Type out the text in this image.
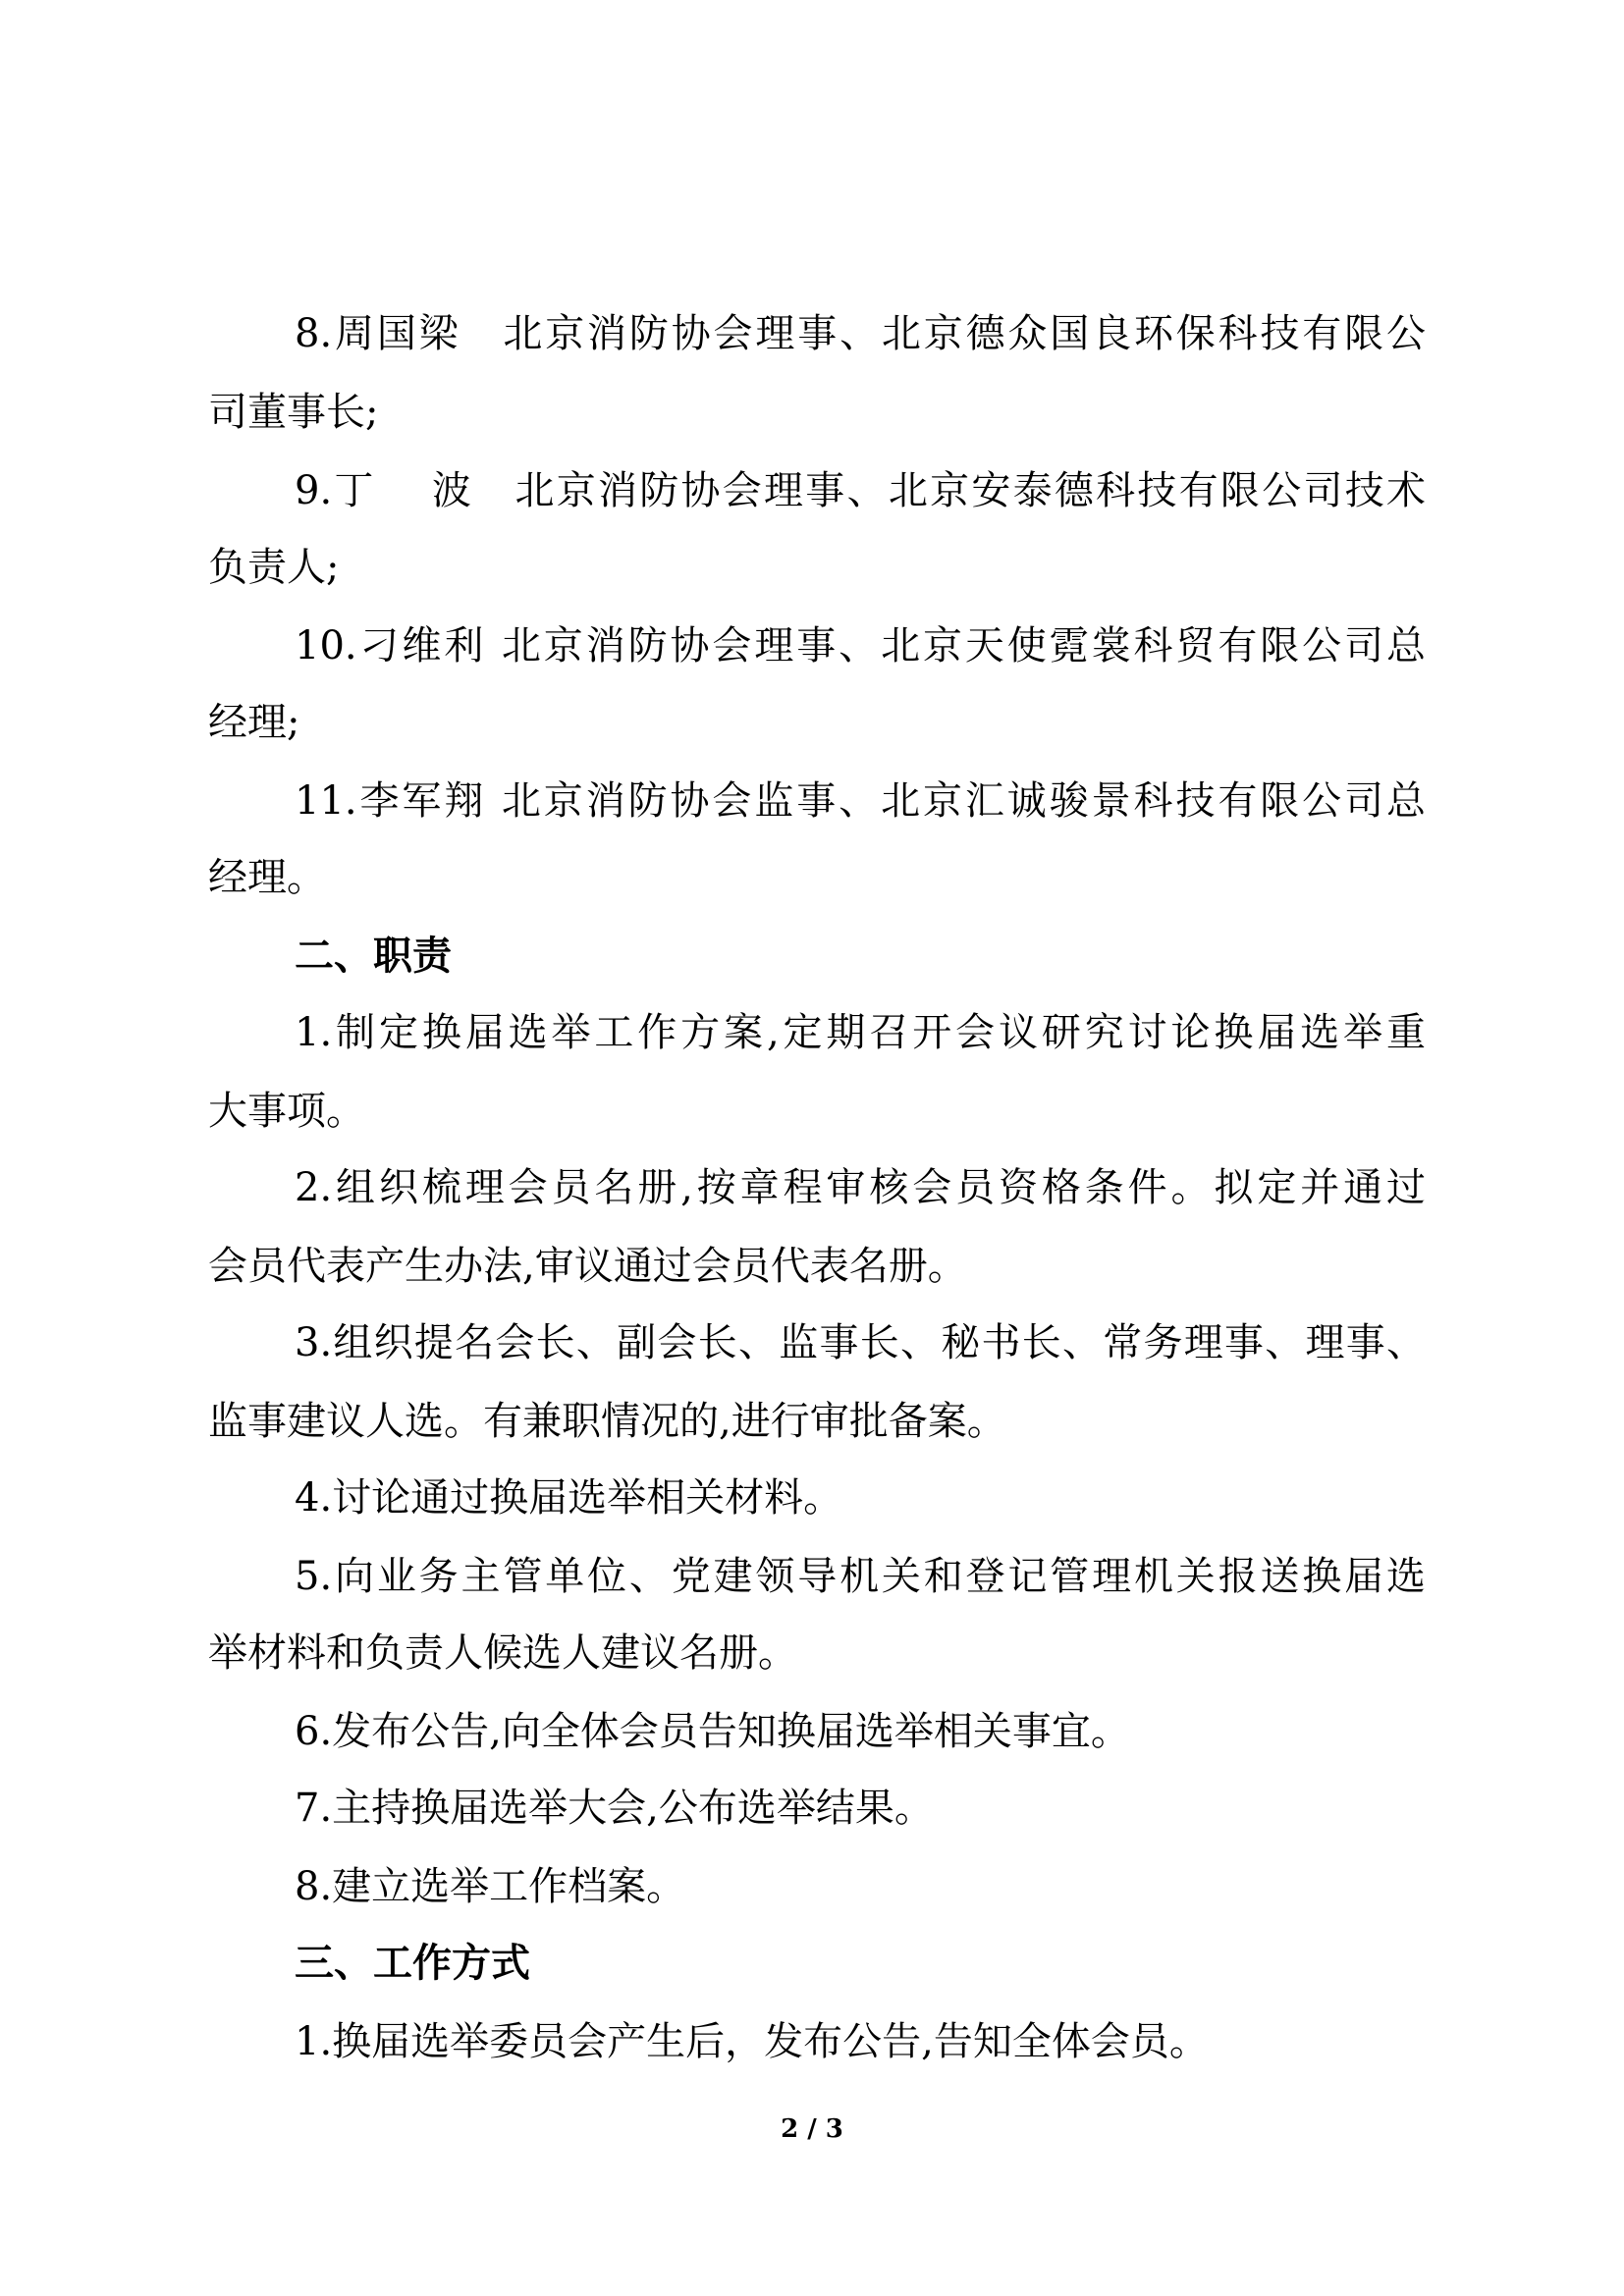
8.周国梁　北京消防协会理事、北京德众国良环保科技有限公
司董事长;
9.丁　 波　北京消防协会理事、北京安泰德科技有限公司技术
负责人;
10.刁维利 北京消防协会理事、北京天使霓裳科贸有限公司总
经理;
11.李军翔 北京消防协会监事、北京汇诚骏景科技有限公司总
经理。
二、职责
1.制定换届选举工作方案,定期召开会议研究讨论换届选举重
大事项。
2.组织梳理会员名册,按章程审核会员资格条件。拟定并通过
会员代表产生办法,审议通过会员代表名册。
3.组织提名会长、副会长、监事长、秘书长、常务理事、理事、
监事建议人选。有兼职情况的,进行审批备案。
4.讨论通过换届选举相关材料。
5.向业务主管单位、党建领导机关和登记管理机关报送换届选
举材料和负责人候选人建议名册。
6.发布公告,向全体会员告知换届选举相关事宜。
7.主持换届选举大会,公布选举结果。
8.建立选举工作档案。
三、工作方式
1.换届选举委员会产生后，发布公告,告知全体会员。
2 / 3
